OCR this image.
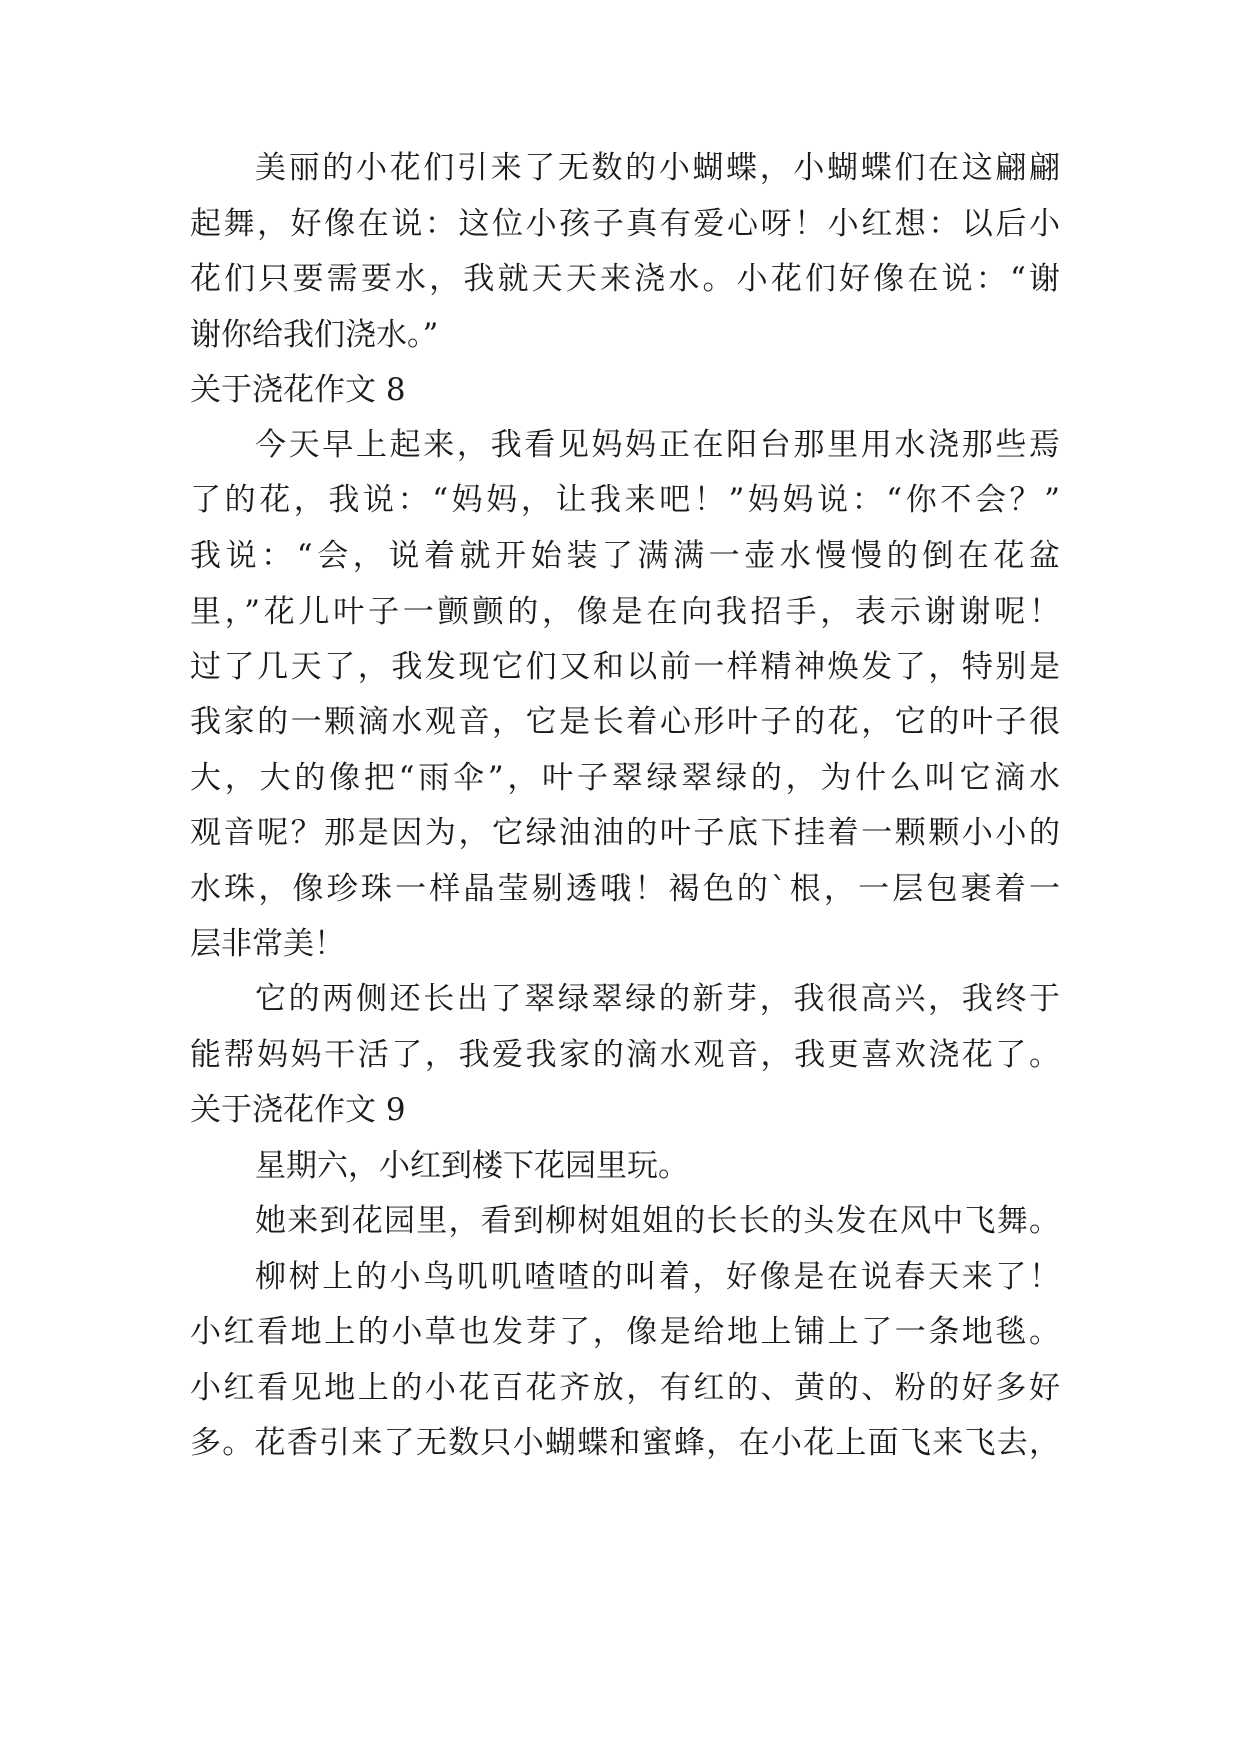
美丽的小花们引来了无数的小蝴蝶，小蝴蝶们在这翩翩
起舞，好像在说：这位小孩子真有爱心呀！小红想：以后小
花们只要需要水，我就天天来浇水。小花们好像在说：“谢
谢你给我们浇水。”
关于浇花作文 8
今天早上起来，我看见妈妈正在阳台那里用水浇那些焉
了的花，我说：“妈妈，让我来吧！”妈妈说：“你不会？”
我说：“会，说着就开始装了满满一壶水慢慢的倒在花盆
里，”花儿叶子一颤颤的，像是在向我招手，表示谢谢呢！
过了几天了，我发现它们又和以前一样精神焕发了，特别是
我家的一颗滴水观音，它是长着心形叶子的花，它的叶子很
大，大的像把“雨伞”，叶子翠绿翠绿的，为什么叫它滴水
观音呢？那是因为，它绿油油的叶子底下挂着一颗颗小小的
水珠，像珍珠一样晶莹剔透哦！褐色的`根，一层包裹着一
层非常美！
它的两侧还长出了翠绿翠绿的新芽，我很高兴，我终于
能帮妈妈干活了，我爱我家的滴水观音，我更喜欢浇花了。
关于浇花作文 9
星期六，小红到楼下花园里玩。
她来到花园里，看到柳树姐姐的长长的头发在风中飞舞。
柳树上的小鸟叽叽喳喳的叫着，好像是在说春天来了！
小红看地上的小草也发芽了，像是给地上铺上了一条地毯。
小红看见地上的小花百花齐放，有红的、黄的、粉的好多好
多。花香引来了无数只小蝴蝶和蜜蜂，在小花上面飞来飞去，
